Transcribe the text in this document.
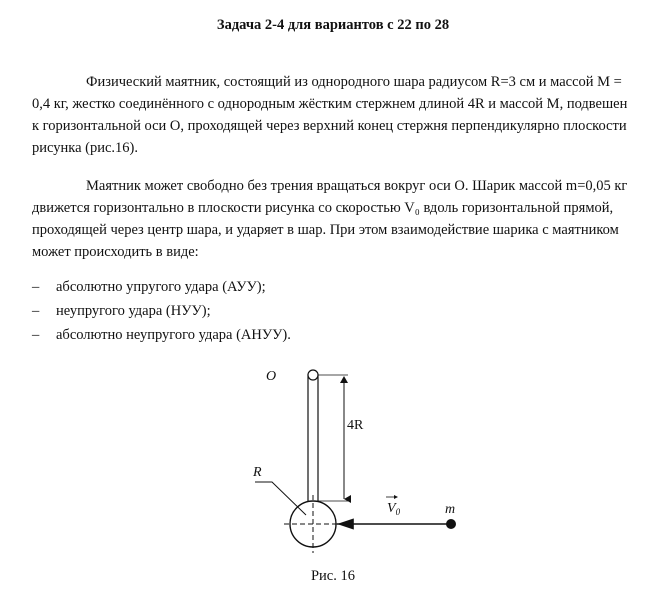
Задача 2-4 для вариантов с 22 по 28
Физический маятник, состоящий из однородного шара радиусом R=3 см и массой M =
0,4 кг, жестко соединённого с однородным жёстким стержнем длиной 4R и массой M, подвешен
к горизонтальной оси О, проходящей через верхний конец стержня перпендикулярно плоскости
рисунка (рис.16).
Маятник может свободно без трения вращаться вокруг оси О. Шарик массой m=0,05 кг
движется горизонтально в плоскости рисунка со скоростью V₀ вдоль горизонтальной прямой,
проходящей через центр шара, и ударяет в шар. При этом взаимодействие шарика с маятником
может происходить в виде:
– абсолютно упругого удара (АУУ);
– неупругого удара (НУУ);
– абсолютно неупругого удара (АНУУ).
O
4R
R
$V_0$	m
Рис. 16
